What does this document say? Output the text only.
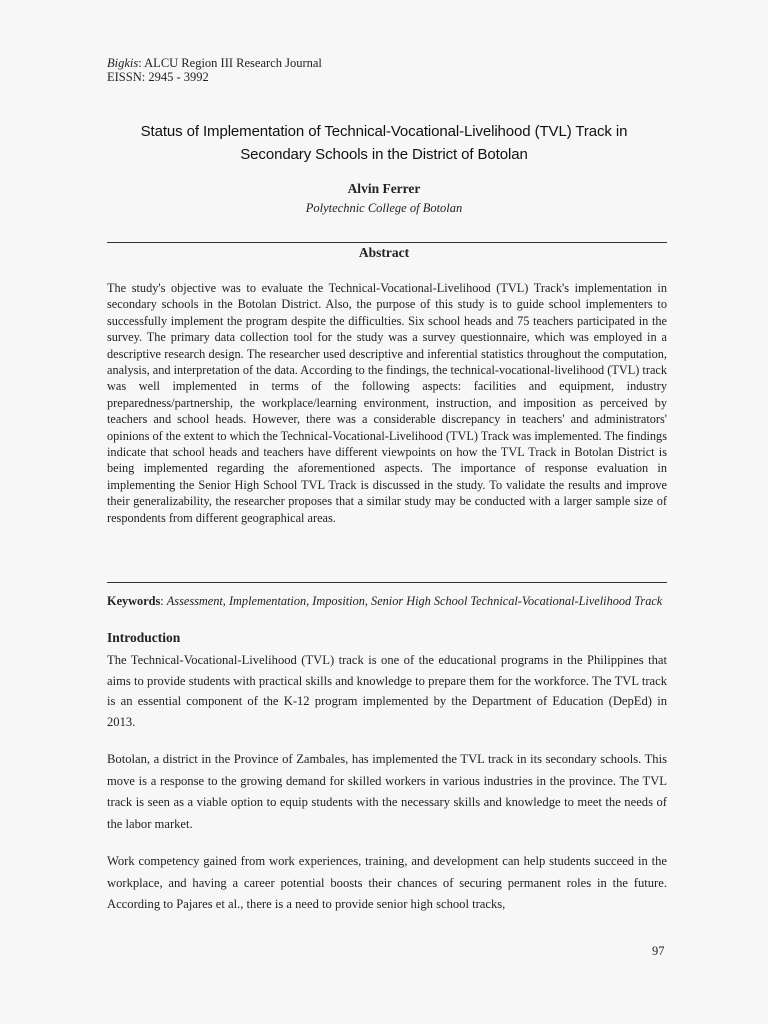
Bigkis: ALCU Region III Research Journal
EISSN: 2945 - 3992
Status of Implementation of Technical-Vocational-Livelihood (TVL) Track in
Secondary Schools in the District of Botolan
Alvin Ferrer
Polytechnic College of Botolan
Abstract

The study's objective was to evaluate the Technical-Vocational-Livelihood (TVL) Track's implementation in secondary schools in the Botolan District. Also, the purpose of this study is to guide school implementers to successfully implement the program despite the difficulties. Six school heads and 75 teachers participated in the survey. The primary data collection tool for the study was a survey questionnaire, which was employed in a descriptive research design. The researcher used descriptive and inferential statistics throughout the computation, analysis, and interpretation of the data. According to the findings, the technical-vocational-livelihood (TVL) track was well implemented in terms of the following aspects: facilities and equipment, industry preparedness/partnership, the workplace/learning environment, instruction, and imposition as perceived by teachers and school heads. However, there was a considerable discrepancy in teachers' and administrators' opinions of the extent to which the Technical-Vocational-Livelihood (TVL) Track was implemented. The findings indicate that school heads and teachers have different viewpoints on how the TVL Track in Botolan District is being implemented regarding the aforementioned aspects. The importance of response evaluation in implementing the Senior High School TVL Track is discussed in the study. To validate the results and improve their generalizability, the researcher proposes that a similar study may be conducted with a larger sample size of respondents from different geographical areas.

Keywords: Assessment, Implementation, Imposition, Senior High School Technical-Vocational-Livelihood Track
Introduction

The Technical-Vocational-Livelihood (TVL) track is one of the educational programs in the Philippines that aims to provide students with practical skills and knowledge to prepare them for the workforce. The TVL track is an essential component of the K-12 program implemented by the Department of Education (DepEd) in 2013.

Botolan, a district in the Province of Zambales, has implemented the TVL track in its secondary schools. This move is a response to the growing demand for skilled workers in various industries in the province. The TVL track is seen as a viable option to equip students with the necessary skills and knowledge to meet the needs of the labor market.

Work competency gained from work experiences, training, and development can help students succeed in the workplace, and having a career potential boosts their chances of securing permanent roles in the future. According to Pajares et al., there is a need to provide senior high school tracks,

97
